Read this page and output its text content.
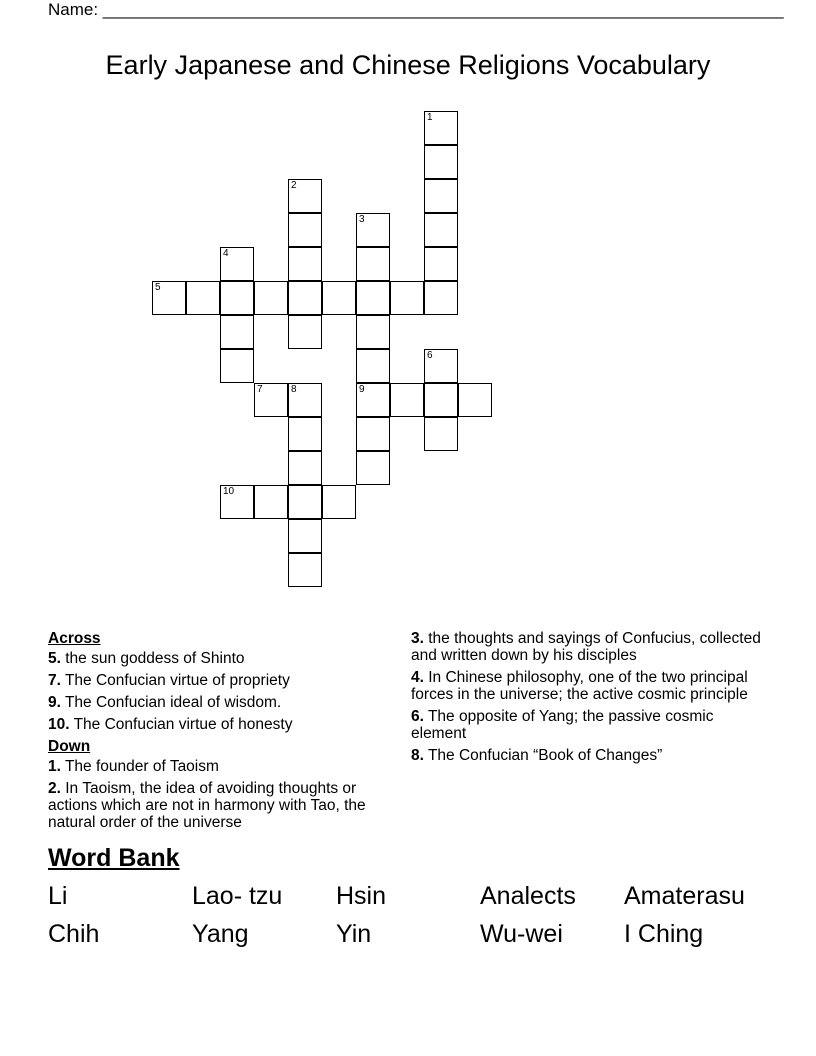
Name: ________________________________________________________________________
Early Japanese and Chinese Religions Vocabulary
1
2
3
9
4
5
6
7	8
10
Across
5. the sun goddess of Shinto
7. The Confucian virtue of propriety
9. The Confucian ideal of wisdom.
10. The Confucian virtue of honesty
Down
1. The founder of Taoism
2. In Taoism, the idea of avoiding thoughts or actions which are not in harmony with Tao, the natural order of the universe
3. the thoughts and sayings of Confucius, collected and written down by his disciples
4. In Chinese philosophy, one of the two principal forces in the universe; the active cosmic principle
6. The opposite of Yang; the passive cosmic element
8. The Confucian “Book of Changes”
Word Bank
Li	Lao- tzu	Hsin	Analects	Amaterasu
Chih	Yang	Yin	Wu-wei	I Ching
